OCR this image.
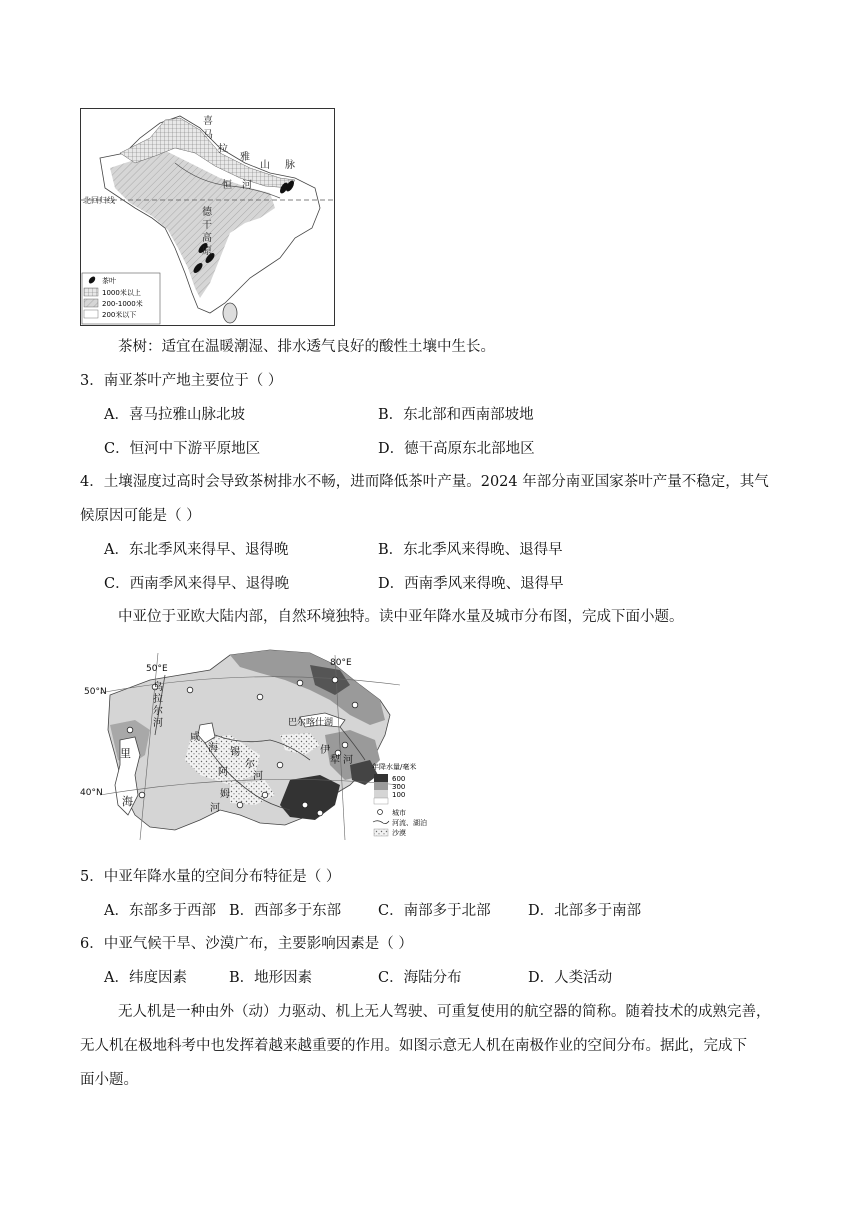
喜
马
拉
雅
山 脉
恒 河
德
干
高
原
北回归线
茶叶
1000米以上
200-1000米
200米以下
茶树：适宜在温暖潮湿、排水透气良好的酸性土壤中生长。
3．南亚茶叶产地主要位于（ ）
A．喜马拉雅山脉北坡	B．东北部和西南部坡地
C．恒河中下游平原地区	D．德干高原东北部地区
4．土壤湿度过高时会导致茶树排水不畅，进而降低茶叶产量。2024 年部分南亚国家茶叶产量不稳定，其气
候原因可能是（ ）
A．东北季风来得早、退得晚	B．东北季风来得晚、退得早
C．西南季风来得早、退得晚	D．西南季风来得晚、退得早
中亚位于亚欧大陆内部，自然环境独特。读中亚年降水量及城市分布图，完成下面小题。
50°E
80°E
50°N
40°N
乌
拉
尔
河
里
海
咸
海 锡
尔
河
阿
姆
河
巴尔喀什湖
伊
犁 河
年降水量/毫米
600
300
100
城市
河流、湖泊
沙漠
5．中亚年降水量的空间分布特征是（ ）
A．东部多于西部 B．西部多于东部	C．南部多于北部	D．北部多于南部
6．中亚气候干旱、沙漠广布，主要影响因素是（ ）
A．纬度因素	B．地形因素	C．海陆分布	D．人类活动
无人机是一种由外（动）力驱动、机上无人驾驶、可重复使用的航空器的简称。随着技术的成熟完善，
无人机在极地科考中也发挥着越来越重要的作用。如图示意无人机在南极作业的空间分布。据此，完成下
面小题。
